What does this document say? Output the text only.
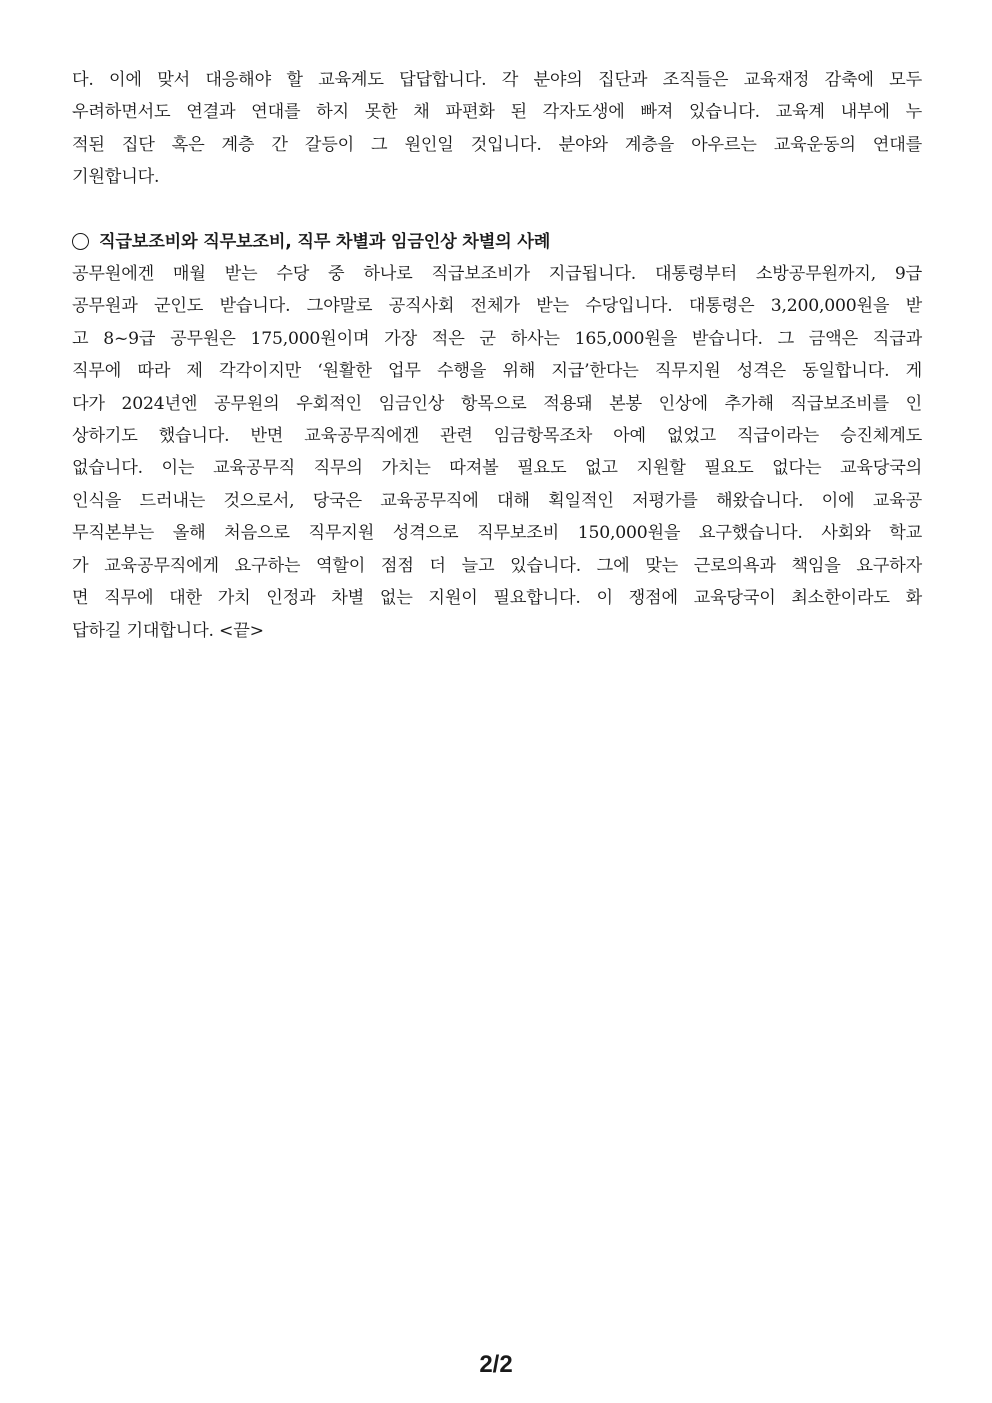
다. 이에 맞서 대응해야 할 교육계도 답답합니다. 각 분야의 집단과 조직들은 교육재정 감축에 모두
우려하면서도 연결과 연대를 하지 못한 채 파편화 된 각자도생에 빠져 있습니다. 교육계 내부에 누
적된 집단 혹은 계층 간 갈등이 그 원인일 것입니다. 분야와 계층을 아우르는 교육운동의 연대를
기원합니다.

직급보조비와 직무보조비, 직무 차별과 임금인상 차별의 사례

공무원에겐 매월 받는 수당 중 하나로 직급보조비가 지급됩니다. 대통령부터 소방공무원까지, 9급
공무원과 군인도 받습니다. 그야말로 공직사회 전체가 받는 수당입니다. 대통령은 3,200,000원을 받
고 8~9급 공무원은 175,000원이며 가장 적은 군 하사는 165,000원을 받습니다. 그 금액은 직급과
직무에 따라 제 각각이지만 ‘원활한 업무 수행을 위해 지급’한다는 직무지원 성격은 동일합니다. 게
다가 2024년엔 공무원의 우회적인 임금인상 항목으로 적용돼 본봉 인상에 추가해 직급보조비를 인
상하기도 했습니다. 반면 교육공무직에겐 관련 임금항목조차 아예 없었고 직급이라는 승진체계도
없습니다. 이는 교육공무직 직무의 가치는 따져볼 필요도 없고 지원할 필요도 없다는 교육당국의
인식을 드러내는 것으로서, 당국은 교육공무직에 대해 획일적인 저평가를 해왔습니다. 이에 교육공
무직본부는 올해 처음으로 직무지원 성격으로 직무보조비 150,000원을 요구했습니다. 사회와 학교
가 교육공무직에게 요구하는 역할이 점점 더 늘고 있습니다. 그에 맞는 근로의욕과 책임을 요구하자
면 직무에 대한 가치 인정과 차별 없는 지원이 필요합니다. 이 쟁점에 교육당국이 최소한이라도 화
답하길 기대합니다. <끝>

2/2
